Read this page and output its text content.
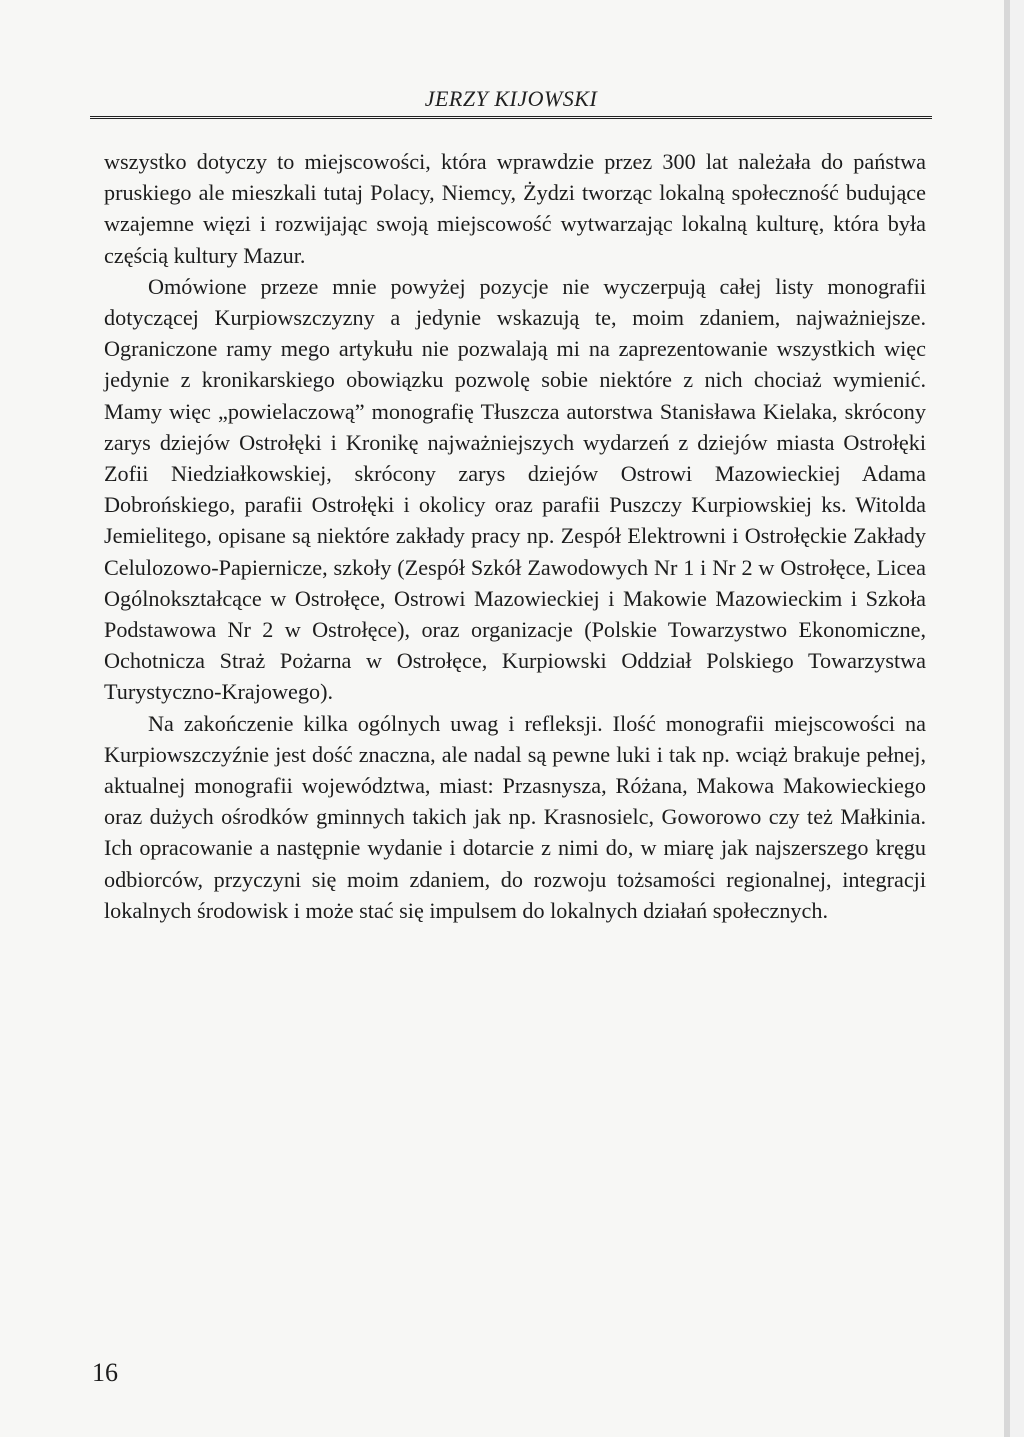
JERZY KIJOWSKI

wszystko dotyczy to miejscowości, która wprawdzie przez 300 lat należała do państwa pruskiego ale mieszkali tutaj Polacy, Niemcy, Żydzi tworząc lokalną społeczność budujące wzajemne więzi i rozwijając swoją miejscowość wytwarzając lokalną kulturę, która była częścią kultury Mazur.

Omówione przeze mnie powyżej pozycje nie wyczerpują całej listy monografii dotyczącej Kurpiowszczyzny a jedynie wskazują te, moim zdaniem, najważniejsze. Ograniczone ramy mego artykułu nie pozwalają mi na zaprezentowanie wszystkich więc jedynie z kronikarskiego obowiązku pozwolę sobie niektóre z nich chociaż wymienić. Mamy więc „powielaczową” monografię Tłuszcza autorstwa Stanisława Kielaka, skrócony zarys dziejów Ostrołęki i Kronikę najważniejszych wydarzeń z dziejów miasta Ostrołęki Zofii Niedziałkowskiej, skrócony zarys dziejów Ostrowi Mazowieckiej Adama Dobrońskiego, parafii Ostrołęki i okolicy oraz parafii Puszczy Kurpiowskiej ks. Witolda Jemielitego, opisane są niektóre zakłady pracy np. Zespół Elektrowni i Ostrołęckie Zakłady Celulozowo-Papiernicze, szkoły (Zespół Szkół Zawodowych Nr 1 i Nr 2 w Ostrołęce, Licea Ogólnokształcące w Ostrołęce, Ostrowi Mazowieckiej i Makowie Mazowieckim i Szkoła Podstawowa Nr 2 w Ostrołęce), oraz organizacje (Polskie Towarzystwo Ekonomiczne, Ochotnicza Straż Pożarna w Ostrołęce, Kurpiowski Oddział Polskiego Towarzystwa Turystyczno-Krajowego).

Na zakończenie kilka ogólnych uwag i refleksji. Ilość monografii miejscowości na Kurpiowszczyźnie jest dość znaczna, ale nadal są pewne luki i tak np. wciąż brakuje pełnej, aktualnej monografii województwa, miast: Przasnysza, Różana, Makowa Makowieckiego oraz dużych ośrodków gminnych takich jak np. Krasnosielc, Goworowo czy też Małkinia. Ich opracowanie a następnie wydanie i dotarcie z nimi do, w miarę jak najszerszego kręgu odbiorców, przyczyni się moim zdaniem, do rozwoju tożsamości regionalnej, integracji lokalnych środowisk i może stać się impulsem do lokalnych działań społecznych.

16
